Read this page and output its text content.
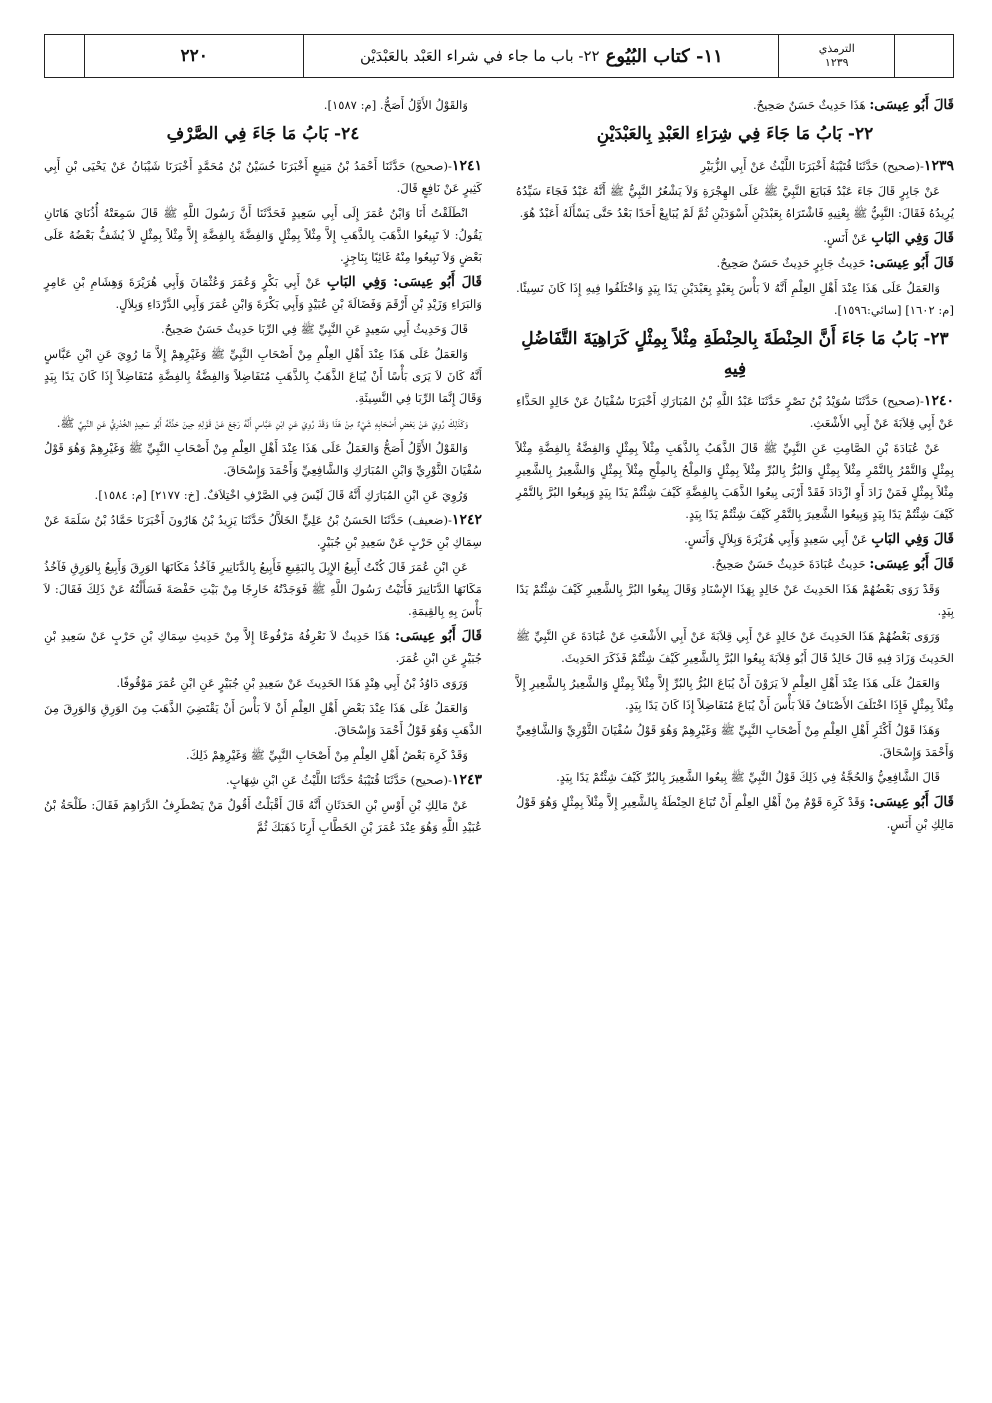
٢٢٠	١١- كتاب البُيُوع
٢٢- باب ما جاء في شراء العَبْد بالعَبْدَيْن	الترمذي
١٢٣٩

قَالَ أَبُو عِيسَى: هَذَا حَدِيثٌ حَسَنٌ صَحِيحٌ.

٢٢- بَابُ مَا جَاءَ فِي شِرَاءِ العَبْدِ بِالعَبْدَيْنِ

١٢٣٩-(صحيح) حَدَّثَنَا قُتَيْبَةُ أَخْبَرَنَا اللَّيْثُ عَنْ أَبِي الزُّبَيْرِ

عَنْ جَابِرٍ قَالَ جَاءَ عَبْدٌ فَبَايَعَ النَّبِيَّ ﷺ عَلَى الهِجْرَةِ وَلاَ يَشْعُرُ النَّبِيُّ ﷺ أَنَّهُ عَبْدٌ فَجَاءَ سَيِّدُهُ يُرِيدُهُ فَقَالَ: النَّبِيُّ ﷺ بِعْنِيهِ فَاشْتَرَاهُ بِعَبْدَيْنِ أَسْوَدَيْنِ ثُمَّ لَمْ يُبَايِعْ أَحَدًا بَعْدُ حَتَّى يَسْأَلَهُ أَعَبْدٌ هُوَ.

قَالَ وَفِي البَابِ عَنْ أَنَسٍ.

قَالَ أَبُو عِيسَى: حَدِيثُ جَابِرٍ حَدِيثٌ حَسَنٌ صَحِيحٌ.

وَالعَمَلُ عَلَى هَذَا عِنْدَ أَهْلِ العِلْمِ أَنَّهُ لاَ بَأْسَ بِعَبْدٍ بِعَبْدَيْنِ يَدًا بِيَدٍ وَاخْتَلَفُوا فِيهِ إِذَا كَانَ نَسِيئًا. [م: ١٦٠٢] [سائي:١٥٩٦].

٢٣- بَابُ مَا جَاءَ أَنَّ الحِنْطَةَ بِالحِنْطَةِ مِثْلاً بِمِثْلٍ كَرَاهِيَةَ التَّفَاضُلِ فِيهِ

١٢٤٠-(صحيح) حَدَّثَنَا سُوَيْدُ بْنُ نَصْرٍ حَدَّثَنَا عَبْدُ اللَّهِ بْنُ المُبَارَكِ أَخْبَرَنَا سُفْيَانُ عَنْ خَالِدٍ الحَذَّاءِ عَنْ أَبِي قِلاَبَةَ عَنْ أَبِي الأَشْعَثِ.

عَنْ عُبَادَةَ بْنِ الصَّامِتِ عَنِ النَّبِيِّ ﷺ قَالَ الذَّهَبُ بِالذَّهَبِ مِثْلاً بِمِثْلٍ وَالفِضَّةُ بِالفِضَّةِ مِثْلاً بِمِثْلٍ وَالتَّمْرُ بِالتَّمْرِ مِثْلاً بِمِثْلٍ وَالبُرُّ بِالبُرِّ مِثْلاً بِمِثْلٍ وَالمِلْحُ بِالمِلْحِ مِثْلاً بِمِثْلٍ وَالشَّعِيرُ بِالشَّعِيرِ مِثْلاً بِمِثْلٍ فَمَنْ زَادَ أَوِ ازْدَادَ فَقَدْ أَرْبَى بِيعُوا الذَّهَبَ بِالفِضَّةِ كَيْفَ شِئْتُمْ يَدًا بِيَدٍ وَبِيعُوا البُرَّ بِالتَّمْرِ كَيْفَ شِئْتُمْ يَدًا بِيَدٍ وَبِيعُوا الشَّعِيرَ بِالتَّمْرِ كَيْفَ شِئْتُمْ يَدًا بِيَدٍ.

قَالَ وَفِي البَابِ عَنْ أَبِي سَعِيدٍ وَأَبِي هُرَيْرَةَ وَبِلاَلٍ وَأَنَسٍ.

قَالَ أَبُو عِيسَى: حَدِيثُ عُبَادَةَ حَدِيثٌ حَسَنٌ صَحِيحٌ.

وَقَدْ رَوَى بَعْضُهُمْ هَذَا الحَدِيثَ عَنْ خَالِدٍ بِهَذَا الإِسْنَادِ وَقَالَ بِيعُوا البُرَّ بِالشَّعِيرِ كَيْفَ شِئْتُمْ يَدًا بِيَدٍ.

وَرَوَى بَعْضُهُمْ هَذَا الحَدِيثَ عَنْ خَالِدٍ عَنْ أَبِي قِلاَبَةَ عَنْ أَبِي الأَشْعَثِ عَنْ عُبَادَةَ عَنِ النَّبِيِّ ﷺ الحَدِيثَ وَزَادَ فِيهِ قَالَ خَالِدٌ قَالَ أَبُو قِلاَبَةَ بِيعُوا البُرَّ بِالشَّعِيرِ كَيْفَ شِئْتُمْ فَذَكَرَ الحَدِيثَ.

وَالعَمَلُ عَلَى هَذَا عِنْدَ أَهْلِ العِلْمِ لاَ يَرَوْنَ أَنْ يُبَاعَ البُرُّ بِالبُرِّ إِلاَّ مِثْلاً بِمِثْلٍ وَالشَّعِيرُ بِالشَّعِيرِ إِلاَّ مِثْلاً بِمِثْلٍ فَإِذَا اخْتَلَفَ الأَصْنَافُ فَلاَ بَأْسَ أَنْ يُبَاعَ مُتَفَاضِلاً إِذَا كَانَ يَدًا بِيَدٍ.

وَهَذَا قَوْلُ أَكْثَرِ أَهْلِ العِلْمِ مِنْ أَصْحَابِ النَّبِيِّ ﷺ وَغَيْرِهِمْ وَهُوَ قَوْلُ سُفْيَانَ الثَّوْرِيِّ وَالشَّافِعِيِّ وَأَحْمَدَ وَإِسْحَاقَ.

قَالَ الشَّافِعِيُّ وَالحُجَّةُ فِي ذَلِكَ قَوْلُ النَّبِيِّ ﷺ بِيعُوا الشَّعِيرَ بِالبُرِّ كَيْفَ شِئْتُمْ يَدًا بِيَدٍ.

قَالَ أَبُو عِيسَى: وَقَدْ كَرِهَ قَوْمٌ مِنْ أَهْلِ العِلْمِ أَنْ تُبَاعَ الحِنْطَةُ بِالشَّعِيرِ إِلاَّ مِثْلاً بِمِثْلٍ وَهُوَ قَوْلُ مَالِكِ بْنِ أَنَسٍ.

وَالقَوْلُ الأَوَّلُ أَصَحُّ. [م: ١٥٨٧].

٢٤- بَابُ مَا جَاءَ فِي الصَّرْفِ

١٢٤١-(صحيح) حَدَّثَنَا أَحْمَدُ بْنُ مَنِيعٍ أَخْبَرَنَا حُسَيْنُ بْنُ مُحَمَّدٍ أَخْبَرَنَا شَيْبَانُ عَنْ يَحْيَى بْنِ أَبِي كَثِيرٍ عَنْ نَافِعٍ قَالَ.

انْطَلَقْتُ أَنَا وَابْنُ عُمَرَ إِلَى أَبِي سَعِيدٍ فَحَدَّثَنَا أَنَّ رَسُولَ اللَّهِ ﷺ قَالَ سَمِعَتْهُ أُذُنَايَ هَاتَانِ يَقُولُ: لاَ تَبِيعُوا الذَّهَبَ بِالذَّهَبِ إِلاَّ مِثْلاً بِمِثْلٍ وَالفِضَّةَ بِالفِضَّةِ إِلاَّ مِثْلاً بِمِثْلٍ لاَ يُشَفُّ بَعْضُهُ عَلَى بَعْضٍ وَلاَ تَبِيعُوا مِنْهُ غَائِبًا بِنَاجِزٍ.

قَالَ أَبُو عِيسَى: وَفِي البَابِ عَنْ أَبِي بَكْرٍ وَعُمَرَ وَعُثْمَانَ وَأَبِي هُرَيْرَةَ وَهِشَامِ بْنِ عَامِرٍ وَالبَرَاءِ وَزَيْدِ بْنِ أَرْقَمَ وَفَضَالَةَ بْنِ عُبَيْدٍ وَأَبِي بَكْرَةَ وَابْنِ عُمَرَ وَأَبِي الدَّرْدَاءِ وَبِلاَلٍ.

قَالَ وَحَدِيثُ أَبِي سَعِيدٍ عَنِ النَّبِيِّ ﷺ فِي الرِّبَا حَدِيثٌ حَسَنٌ صَحِيحٌ.

وَالعَمَلُ عَلَى هَذَا عِنْدَ أَهْلِ العِلْمِ مِنْ أَصْحَابِ النَّبِيِّ ﷺ وَغَيْرِهِمْ إِلاَّ مَا رُوِيَ عَنِ ابْنِ عَبَّاسٍ أَنَّهُ كَانَ لاَ يَرَى بَأْسًا أَنْ يُبَاعَ الذَّهَبُ بِالذَّهَبِ مُتَفَاضِلاً وَالفِضَّةُ بِالفِضَّةِ مُتَفَاضِلاً إِذَا كَانَ يَدًا بِيَدٍ وَقَالَ إِنَّمَا الرِّبَا فِي النَّسِيئَةِ.

وَكَذَلِكَ رُوِيَ عَنْ بَعْضِ أَصْحَابِهِ شَيْءٌ مِنْ هَذَا وَقَدْ رُوِيَ عَنِ ابْنِ عَبَّاسٍ أَنَّهُ رَجَعَ عَنْ قَوْلِهِ حِينَ حَدَّثَهُ أَبُو سَعِيدٍ الخُدْرِيُّ عَنِ النَّبِيِّ ﷺ.

وَالقَوْلُ الأَوَّلُ أَصَحُّ وَالعَمَلُ عَلَى هَذَا عِنْدَ أَهْلِ العِلْمِ مِنْ أَصْحَابِ النَّبِيِّ ﷺ وَغَيْرِهِمْ وَهُوَ قَوْلُ سُفْيَانَ الثَّوْرِيِّ وَابْنِ المُبَارَكِ وَالشَّافِعِيِّ وَأَحْمَدَ وَإِسْحَاقَ.

وَرُوِيَ عَنِ ابْنِ المُبَارَكِ أَنَّهُ قَالَ لَيْسَ فِي الصَّرْفِ اخْتِلاَفٌ. [خ: ٢١٧٧] [م: ١٥٨٤].

١٢٤٢-(ضعيف) حَدَّثَنَا الحَسَنُ بْنُ عَلِيٍّ الخَلاَّلُ حَدَّثَنَا يَزِيدُ بْنُ هَارُونَ أَخْبَرَنَا حَمَّادُ بْنُ سَلَمَةَ عَنْ سِمَاكِ بْنِ حَرْبٍ عَنْ سَعِيدِ بْنِ جُبَيْرٍ.

عَنِ ابْنِ عُمَرَ قَالَ كُنْتُ أَبِيعُ الإِبِلَ بِالبَقِيعِ فَأَبِيعُ بِالدَّنَانِيرِ فَآخُذُ مَكَانَهَا الوَرِقَ وَأَبِيعُ بِالوَرِقِ فَآخُذُ مَكَانَهَا الدَّنَانِيرَ فَأَتَيْتُ رَسُولَ اللَّهِ ﷺ فَوَجَدْتُهُ خَارِجًا مِنْ بَيْتِ حَفْصَةَ فَسَأَلْتُهُ عَنْ ذَلِكَ فَقَالَ: لاَ بَأْسَ بِهِ بِالقِيمَةِ.

قَالَ أَبُو عِيسَى: هَذَا حَدِيثٌ لاَ نَعْرِفُهُ مَرْفُوعًا إِلاَّ مِنْ حَدِيثِ سِمَاكِ بْنِ حَرْبٍ عَنْ سَعِيدِ بْنِ جُبَيْرٍ عَنِ ابْنِ عُمَرَ.

وَرَوَى دَاوُدُ بْنُ أَبِي هِنْدٍ هَذَا الحَدِيثَ عَنْ سَعِيدِ بْنِ جُبَيْرٍ عَنِ ابْنِ عُمَرَ مَوْقُوفًا.

وَالعَمَلُ عَلَى هَذَا عِنْدَ بَعْضِ أَهْلِ العِلْمِ أَنْ لاَ بَأْسَ أَنْ يَقْتَضِيَ الذَّهَبَ مِنَ الوَرِقِ وَالوَرِقَ مِنَ الذَّهَبِ وَهُوَ قَوْلُ أَحْمَدَ وَإِسْحَاقَ.

وَقَدْ كَرِهَ بَعْضُ أَهْلِ العِلْمِ مِنْ أَصْحَابِ النَّبِيِّ ﷺ وَغَيْرِهِمْ ذَلِكَ.

١٢٤٣-(صحيح) حَدَّثَنَا قُتَيْبَةُ حَدَّثَنَا اللَّيْثُ عَنِ ابْنِ شِهَابٍ.

عَنْ مَالِكِ بْنِ أَوْسِ بْنِ الحَدَثَانِ أَنَّهُ قَالَ أَقْبَلْتُ أَقُولُ مَنْ يَصْطَرِفُ الدَّرَاهِمَ فَقَالَ: طَلْحَةُ بْنُ عُبَيْدِ اللَّهِ وَهُوَ عِنْدَ عُمَرَ بْنِ الخَطَّابِ أَرِنَا ذَهَبَكَ ثُمَّ
